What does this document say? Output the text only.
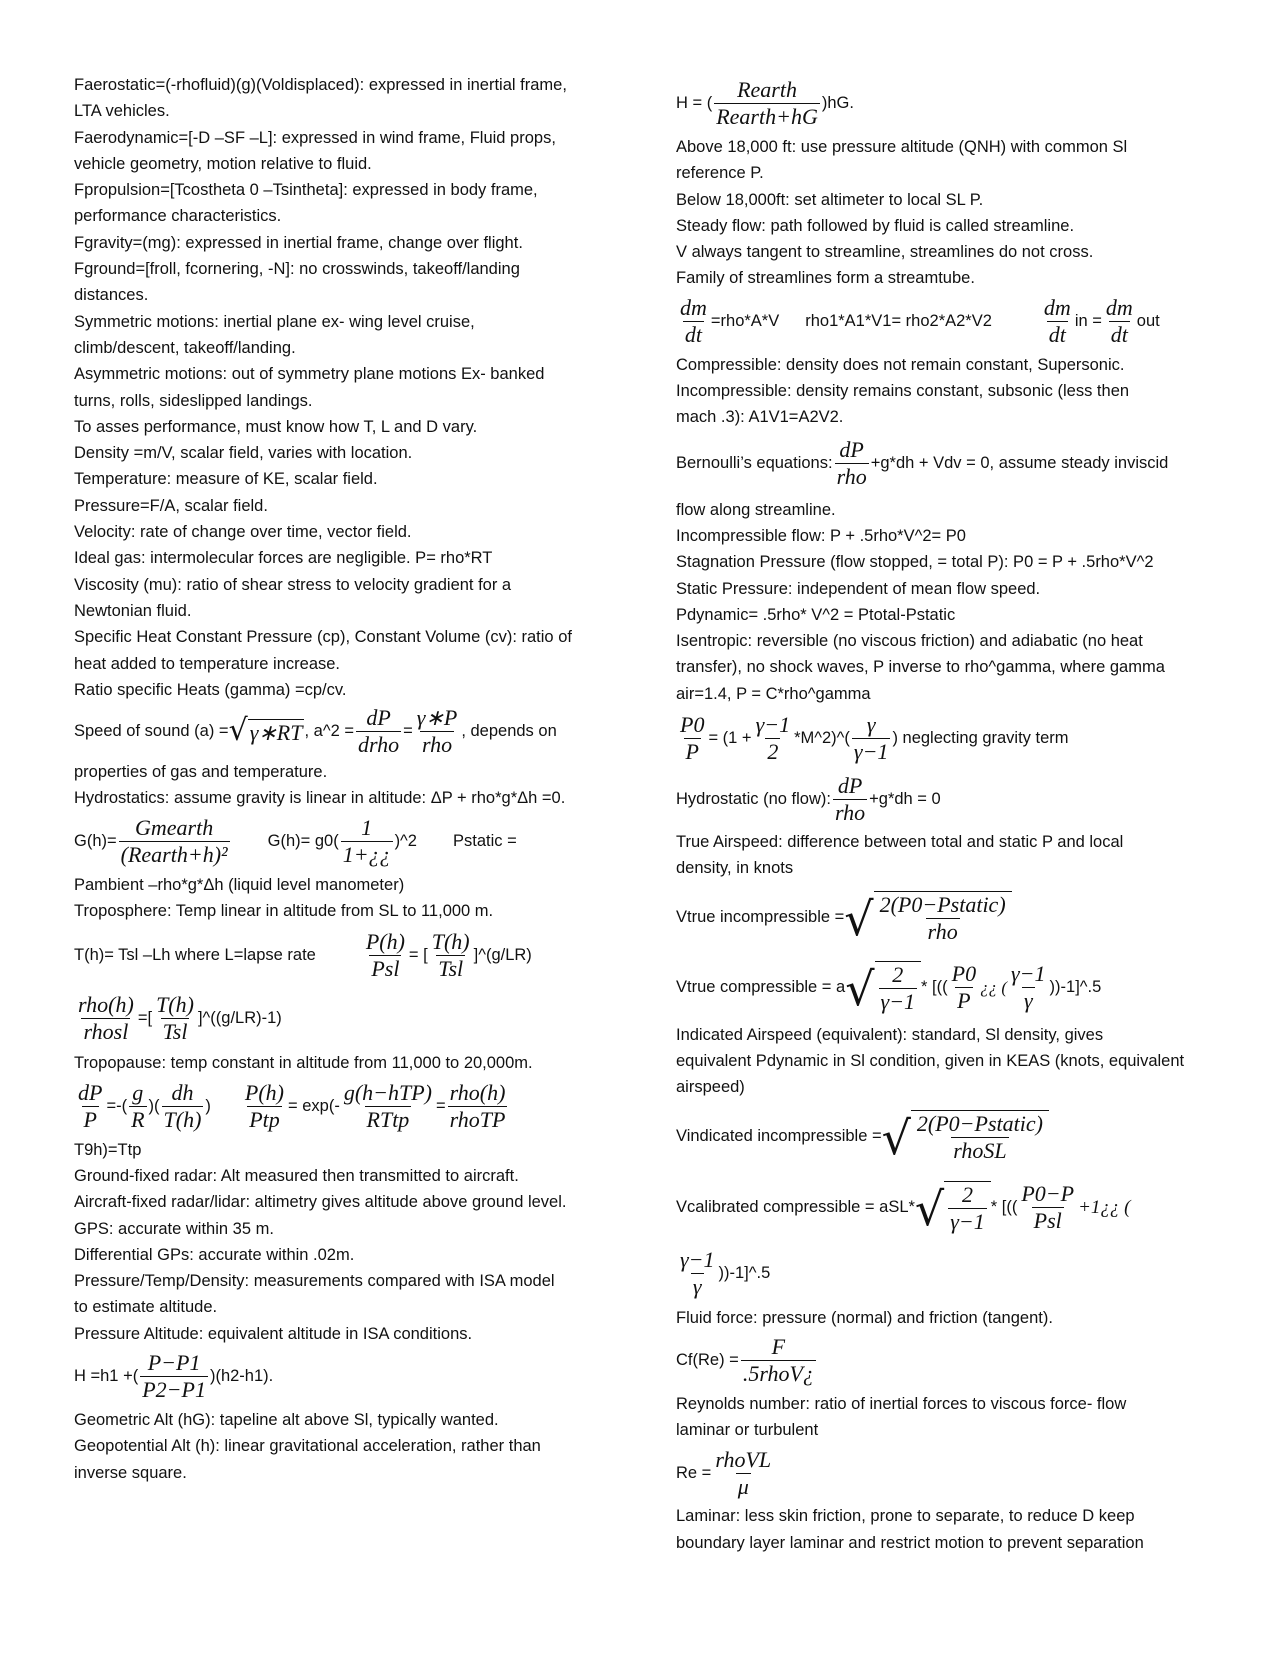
Faerostatic=(-rhofluid)(g)(Voldisplaced): expressed in inertial frame,
LTA vehicles.
Faerodynamic=[-D –SF –L]: expressed in wind frame, Fluid props,
vehicle geometry, motion relative to fluid.
Fpropulsion=[Tcostheta 0 –Tsintheta]: expressed in body frame,
performance characteristics.
Fgravity=(mg): expressed in inertial frame, change over flight.
Fground=[froll, fcornering, -N]: no crosswinds, takeoff/landing
distances.
Symmetric motions: inertial plane ex- wing level cruise,
climb/descent, takeoff/landing.
Asymmetric motions: out of symmetry plane motions Ex- banked
turns, rolls, sideslipped landings.
To asses performance, must know how T, L and D vary.
Density =m/V, scalar field, varies with location.
Temperature: measure of KE, scalar field.
Pressure=F/A, scalar field.
Velocity: rate of change over time, vector field.
Ideal gas: intermolecular forces are negligible. P= rho*RT
Viscosity (mu): ratio of shear stress to velocity gradient for a
Newtonian fluid.
Specific Heat Constant Pressure (cp), Constant Volume (cv): ratio of
heat added to temperature increase.
Ratio specific Heats (gamma) =cp/cv.
Speed of sound (a) = √ γ∗RT , a^2 = $\frac{dP}{\text{drho}} = \frac{\gamma∗P}{\text{rho}}$ , depends on
properties of gas and temperature.
Hydrostatics: assume gravity is linear in altitude: ΔP + rho*g*Δh =0.
$G(h)= \frac{\text{Gmearth}}{\text{(Rearth+h)²}} G(h)= g0( \frac{1}{1+¿¿}$ )^2 Pstatic =
Pambient –rho*g*Δh (liquid level manometer)
Troposphere: Temp linear in altitude from SL to 11,000 m.
T(h)= Tsl –Lh where L=lapse rate $\frac{P(h)}{\text{Psl}}$ = [ $\frac{T(h)}{\text{Tsl}}$ ]^(g/LR)
$\frac{\text{rho(h)}}{\text{rhosl}}$ =[ $\frac{T(h)}{\text{Tsl}}$ ]^((g/LR)-1)
Tropopause: temp constant in altitude from 11,000 to 20,000m.
$\frac{dP}{P}$ =-( $\frac{g}{R}$ )( $\frac{dh}{T(h)}$ ) $\frac{P(h)}{\text{Ptp}} = \exp(- \frac{\text{g(h−hTP)}}{\text{RTtp}} = \frac{\text{rho(h)}}{\text{rhoTP}}$
T9h)=Ttp
Ground-fixed radar: Alt measured then transmitted to aircraft.
Aircraft-fixed radar/lidar: altimetry gives altitude above ground level.
GPS: accurate within 35 m.
Differential GPs: accurate within .02m.
Pressure/Temp/Density: measurements compared with ISA model
to estimate altitude.
Pressure Altitude: equivalent altitude in ISA conditions.
H =h1 +( $\frac{P-P1}{P2-P1} )(h2-h1)$.
Geometric Alt (hG): tapeline alt above Sl, typically wanted.
Geopotential Alt (h): linear gravitational acceleration, rather than
inverse square.
H = ( $\frac{\text{Rearth}}{\text{Rearth+hG}} )hG$.
Above 18,000 ft: use pressure altitude (QNH) with common Sl
reference P.
Below 18,000ft: set altimeter to local SL P.
Steady flow: path followed by fluid is called streamline.
V always tangent to streamline, streamlines do not cross.
Family of streamlines form a streamtube.
$\frac{dm}{dt} =rho*A*V$ $rho1*A1*V1= rho2*A2*V2 \frac{dm}{dt}$ in = $\frac{dm}{dt}$ out
Compressible: density does not remain constant, Supersonic.
Incompressible: density remains constant, subsonic (less then
mach .3): A1V1=A2V2.
Bernoulli’s equations: $\frac{dP}{\text{rho}} +g*dh$ + Vdv = 0, assume steady inviscid
flow along streamline.
Incompressible flow: P + .5rho*V^2= P0
Stagnation Pressure (flow stopped, = total P): P0 = P + .5rho*V^2
Static Pressure: independent of mean flow speed.
Pdynamic= .5rho* V^2 = Ptotal-Pstatic
Isentropic: reversible (no viscous friction) and adiabatic (no heat
transfer), no shock waves, P inverse to rho^gamma, where gamma
air=1.4, P = C*rho^gamma
$\frac{P0}{P} = (1 + \frac{\gamma-1}{2}$ *M^2)^( $\frac{\gamma}{\gamma-1}$ ) neglecting gravity term
Hydrostatic (no flow): $\frac{dP}{\text{rho}} +g*dh = 0$
True Airspeed: difference between total and static P and local
density, in knots
Vtrue incompressible = √ $\frac{\text{2(P0−Pstatic)}}{\text{rho}}$
Vtrue compressible = a √ $\frac{2}{\gamma-1}$ * [(( $\frac{P0}{P}$ ¿¿ ( $\frac{\gamma-1}{\gamma}$ ))-1]^.5
Indicated Airspeed (equivalent): standard, Sl density, gives
equivalent Pdynamic in Sl condition, given in KEAS (knots, equivalent
airspeed)
Vindicated incompressible = √ $\frac{\text{2(P0−Pstatic)}}{\text{rhoSL}}$
Vcalibrated compressible = aSL* √ $\frac{2}{\gamma-1}$ * [(( $\frac{P0-P}{\text{Psl}}$ +1¿¿ (
$\frac{\gamma-1}{\gamma}$ ))-1]^.5
Fluid force: pressure (normal) and friction (tangent).
$Cf(Re) = \frac{F}{\text{.5rhoV¿}}$
Reynolds number: ratio of inertial forces to viscous force- flow
laminar or turbulent
$Re = \frac{\text{rhoVL}}{\mu}$
Laminar: less skin friction, prone to separate, to reduce D keep
boundary layer laminar and restrict motion to prevent separation
